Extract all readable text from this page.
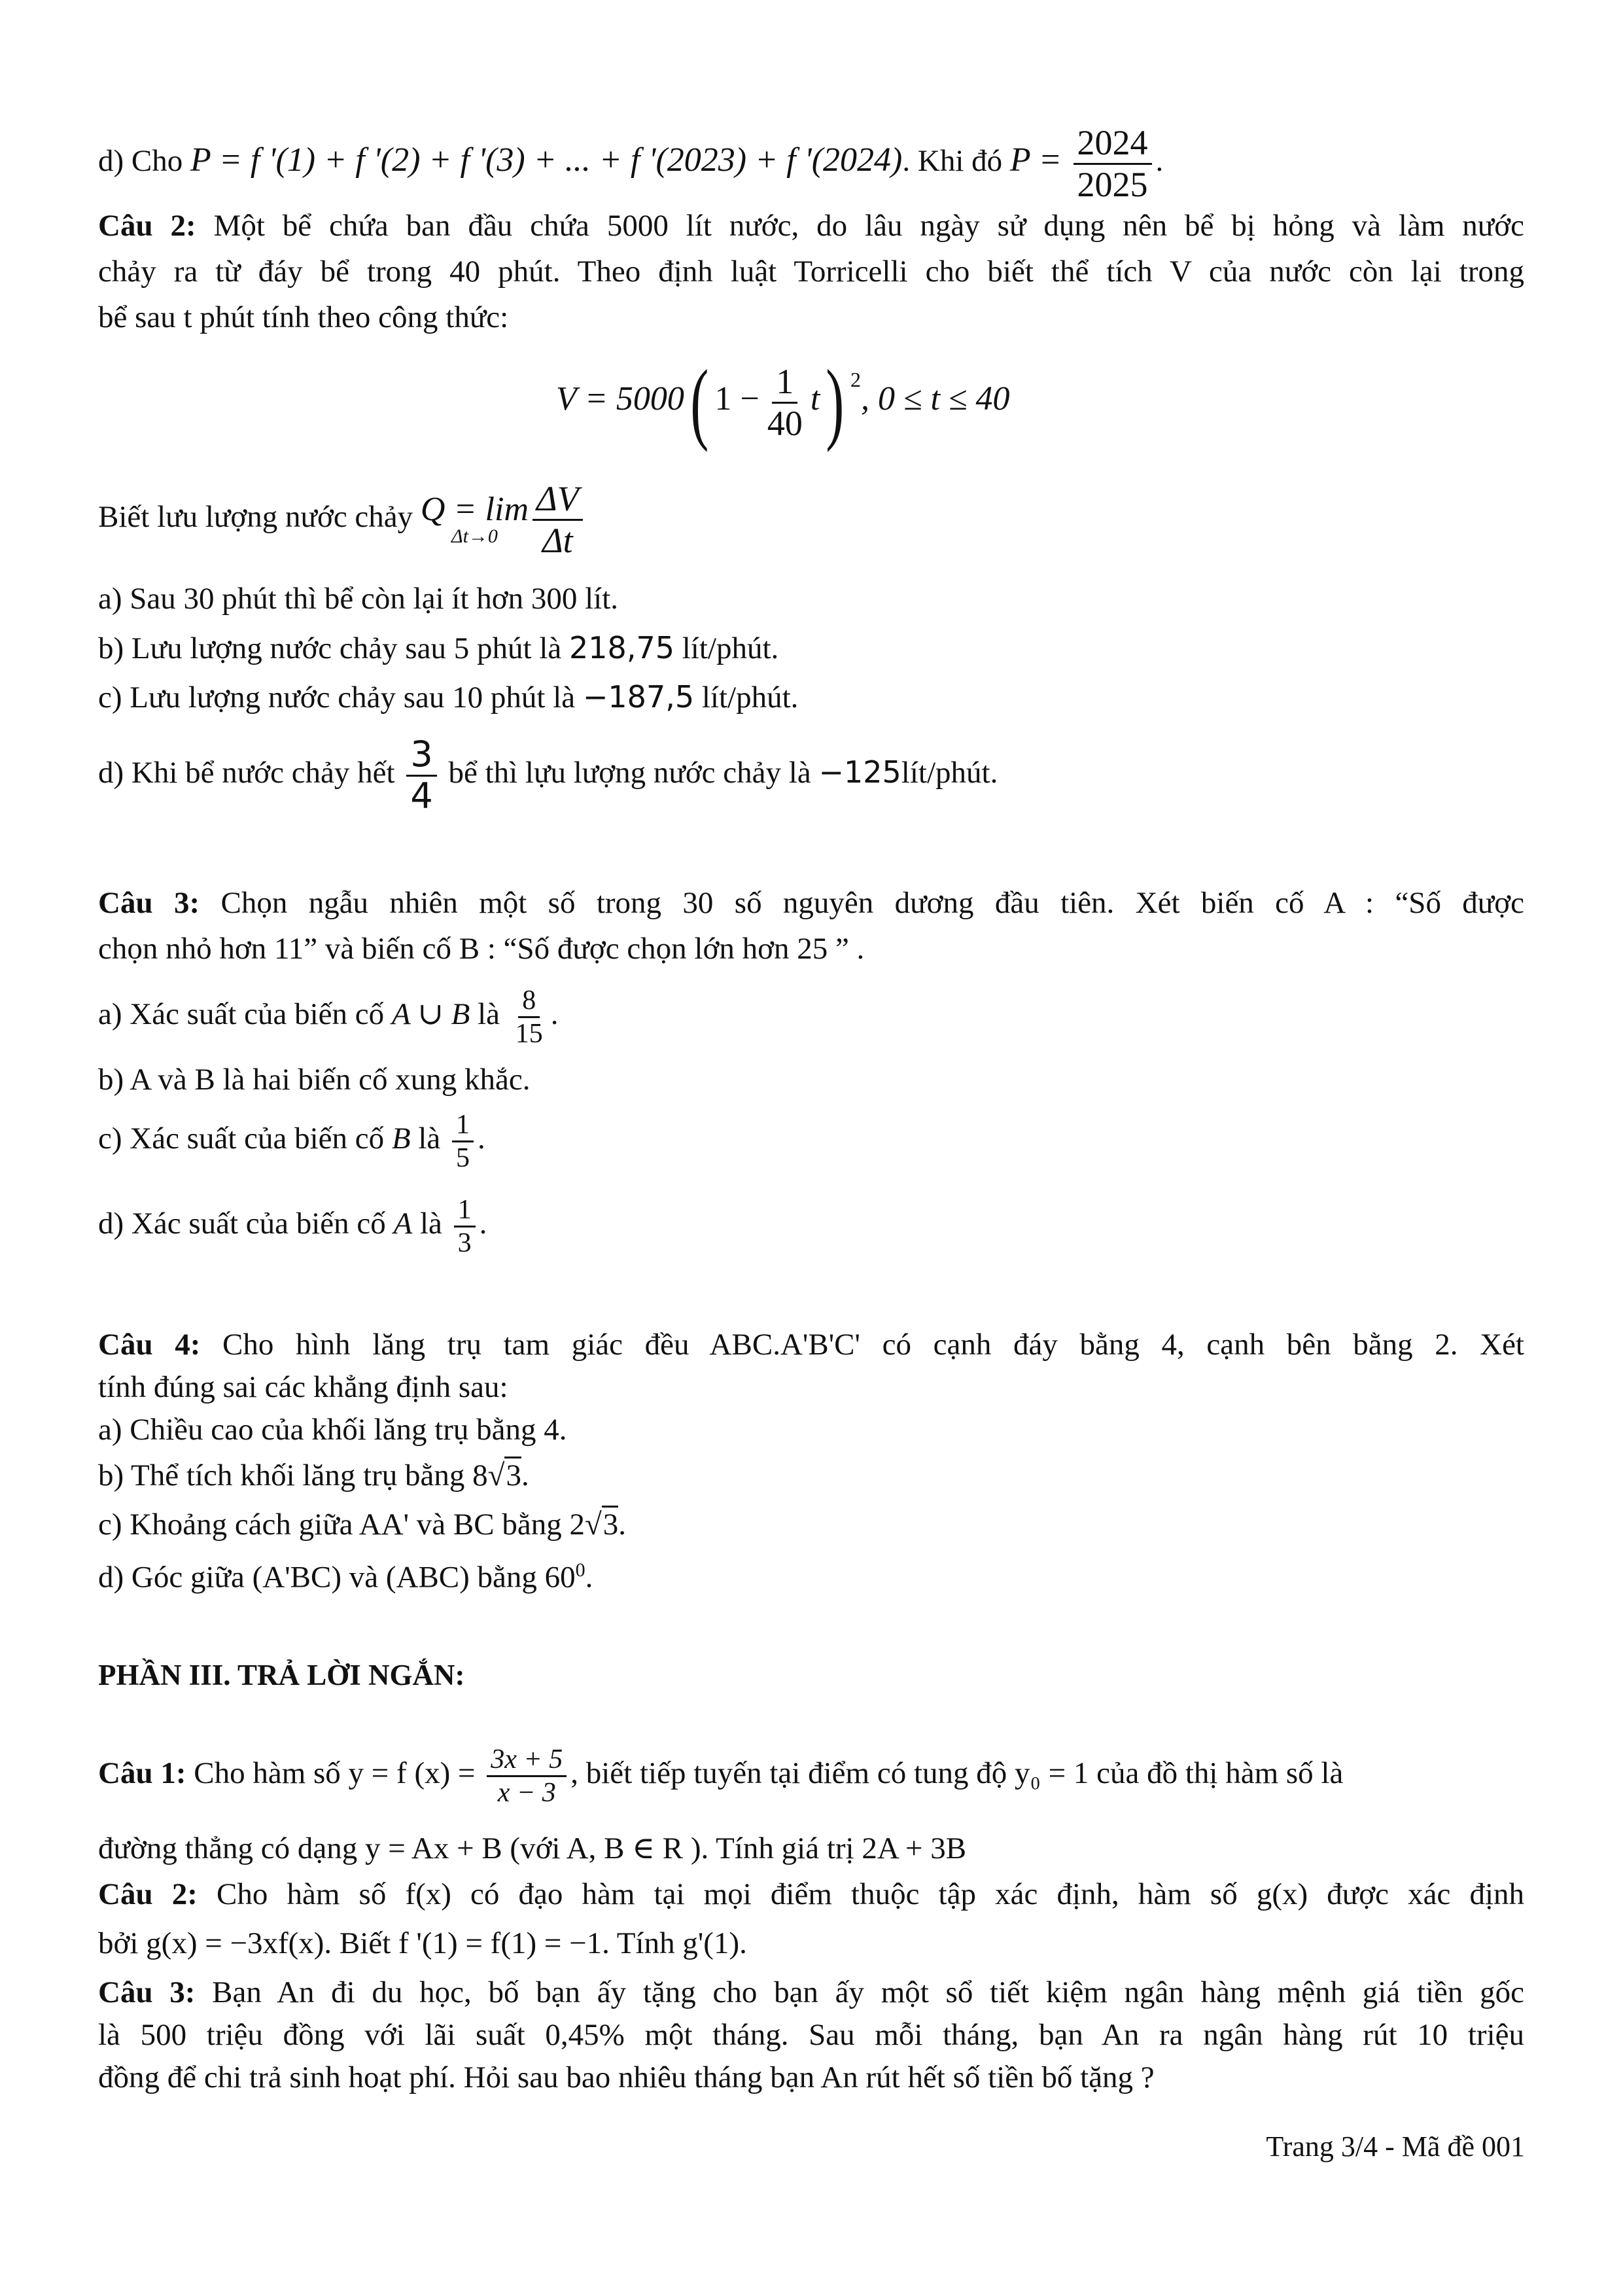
d) Cho P = f '(1) + f '(2) + f '(3) + ... + f '(2023) + f '(2024). Khi đó $P = \frac{2024}{2025}$ .
Câu 2: Một bể chứa ban đầu chứa 5000 lít nước, do lâu ngày sử dụng nên bể bị hỏng và làm nước
chảy ra từ đáy bể trong 40 phút. Theo định luật Torricelli cho biết thể tích V của nước còn lại trong
bể sau t phút tính theo công thức:
V = 5000( $1 - \frac{1}{40} t$) $^2$, 0 ≤ t ≤ 40
Biết lưu lượng nước chảy Q = lim
$\Delta t\to 0 \frac{\Delta V}{\Delta t}$
a) Sau 30 phút thì bể còn lại ít hơn 300 lít.
b) Lưu lượng nước chảy sau 5 phút là 218,75 lít/phút.
c) Lưu lượng nước chảy sau 10 phút là −187,5 lít/phút.
d) Khi bể nước chảy hết $\frac{3}{4}$ bể thì lựu lượng nước chảy là −125lít/phút.
Câu 3: Chọn ngẫu nhiên một số trong 30 số nguyên dương đầu tiên. Xét biến cố A : “Số được
chọn nhỏ hơn 11” và biến cố B : “Số được chọn lớn hơn 25 ” .
a) Xác suất của biến cố A ∪ B là $\frac{8}{15}$ .
b) A và B là hai biến cố xung khắc.
c) Xác suất của biến cố B là $\frac{1}{5}$ .
d) Xác suất của biến cố A là $\frac{1}{3}$ .
Câu 4: Cho hình lăng trụ tam giác đều ABC.A'B'C' có cạnh đáy bằng 4, cạnh bên bằng 2. Xét
tính đúng sai các khẳng định sau:
a) Chiều cao của khối lăng trụ bằng 4.
b) Thể tích khối lăng trụ bằng 8√3.
c) Khoảng cách giữa AA' và BC bằng 2√3.
d) Góc giữa (A'BC) và (ABC) bằng $60^0$.
PHẦN III. TRẢ LỜI NGẮN:
Câu 1: Cho hàm số y = f $(x) = \frac{3x + 5}{x - 3}$ , biết tiếp tuyến tại điểm có tung độ y₀ = 1 của đồ thị hàm số là
đường thẳng có dạng y = Ax + B (với A, B ∈ R ). Tính giá trị 2A + 3B
Câu 2: Cho hàm số f(x) có đạo hàm tại mọi điểm thuộc tập xác định, hàm số g(x) được xác định
bởi g(x) = −3xf(x). Biết f '(1) = f(1) = −1. Tính g'(1).
Câu 3: Bạn An đi du học, bố bạn ấy tặng cho bạn ấy một sổ tiết kiệm ngân hàng mệnh giá tiền gốc
là 500 triệu đồng với lãi suất 0,45% một tháng. Sau mỗi tháng, bạn An ra ngân hàng rút 10 triệu
đồng để chi trả sinh hoạt phí. Hỏi sau bao nhiêu tháng bạn An rút hết số tiền bố tặng ?
Trang 3/4 - Mã đề 001
